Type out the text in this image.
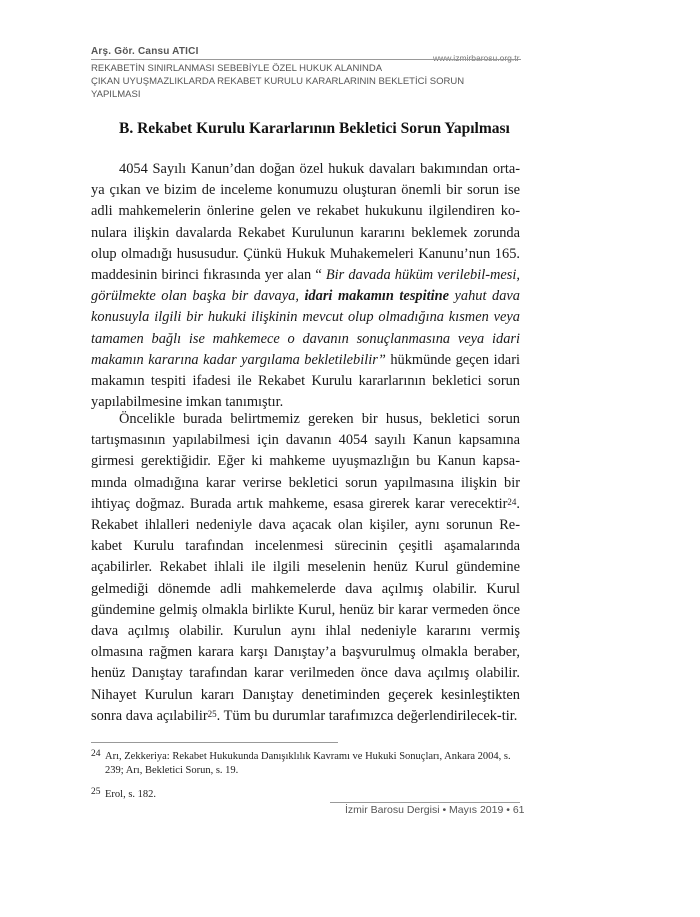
Arş. Gör. Cansu ATICI
www.izmirbarosu.org.tr
REKABETİN SINIRLANMASI SEBEBİYLE ÖZEL HUKUK ALANINDA
ÇIKAN UYUŞMAZLIKLARDA REKABET KURULU KARARLARININ BEKLETİCİ SORUN
YAPILMASI
B. Rekabet Kurulu Kararlarının Bekletici Sorun Yapılması

4054 Sayılı Kanun’dan doğan özel hukuk davaları bakımından orta-ya çıkan ve bizim de inceleme konumuzu oluşturan önemli bir sorun ise adli mahkemelerin önlerine gelen ve rekabet hukukunu ilgilendiren ko-nulara ilişkin davalarda Rekabet Kurulunun kararını beklemek zorunda olup olmadığı hususudur. Çünkü Hukuk Muhakemeleri Kanunu’nun 165. maddesinin birinci fıkrasında yer alan “ Bir davada hüküm verilebil-mesi, görülmekte olan başka bir davaya, idari makamın tespitine yahut dava konusuyla ilgili bir hukuki ilişkinin mevcut olup olmadığına kısmen veya tamamen bağlı ise mahkemece o davanın sonuçlanmasına veya idari makamın kararına kadar yargılama bekletilebilir” hükmünde geçen idari makamın tespiti ifadesi ile Rekabet Kurulu kararlarının bekletici sorun yapılabilmesine imkan tanımıştır.

Öncelikle burada belirtmemiz gereken bir husus, bekletici sorun tartışmasının yapılabilmesi için davanın 4054 sayılı Kanun kapsamına girmesi gerektiğidir. Eğer ki mahkeme uyuşmazlığın bu Kanun kapsa-mında olmadığına karar verirse bekletici sorun yapılmasına ilişkin bir ihtiyaç doğmaz. Burada artık mahkeme, esasa girerek karar verecektir$^{24}$. Rekabet ihlalleri nedeniyle dava açacak olan kişiler, aynı sorunun Re-kabet Kurulu tarafından incelenmesi sürecinin çeşitli aşamalarında açabilirler. Rekabet ihlali ile ilgili meselenin henüz Kurul gündemine gelmediği dönemde adli mahkemelerde dava açılmış olabilir. Kurul gündemine gelmiş olmakla birlikte Kurul, henüz bir karar vermeden önce dava açılmış olabilir. Kurulun aynı ihlal nedeniyle kararını vermiş olmasına rağmen karara karşı Danıştay’a başvurulmuş olmakla beraber, henüz Danıştay tarafından karar verilmeden önce dava açılmış olabilir. Nihayet Kurulun kararı Danıştay denetiminden geçerek kesinleştikten sonra dava açılabilir$^{25}$. Tüm bu durumlar tarafımızca değerlendirilecek-tir.

24 Arı, Zekkeriya: Rekabet Hukukunda Danışıklılık Kavramı ve Hukuki Sonuçları, Ankara 2004, s. 239; Arı, Bekletici Sorun, s. 19.
25 Erol, s. 182.
İzmir Barosu Dergisi • Mayıs 2019 • 61
